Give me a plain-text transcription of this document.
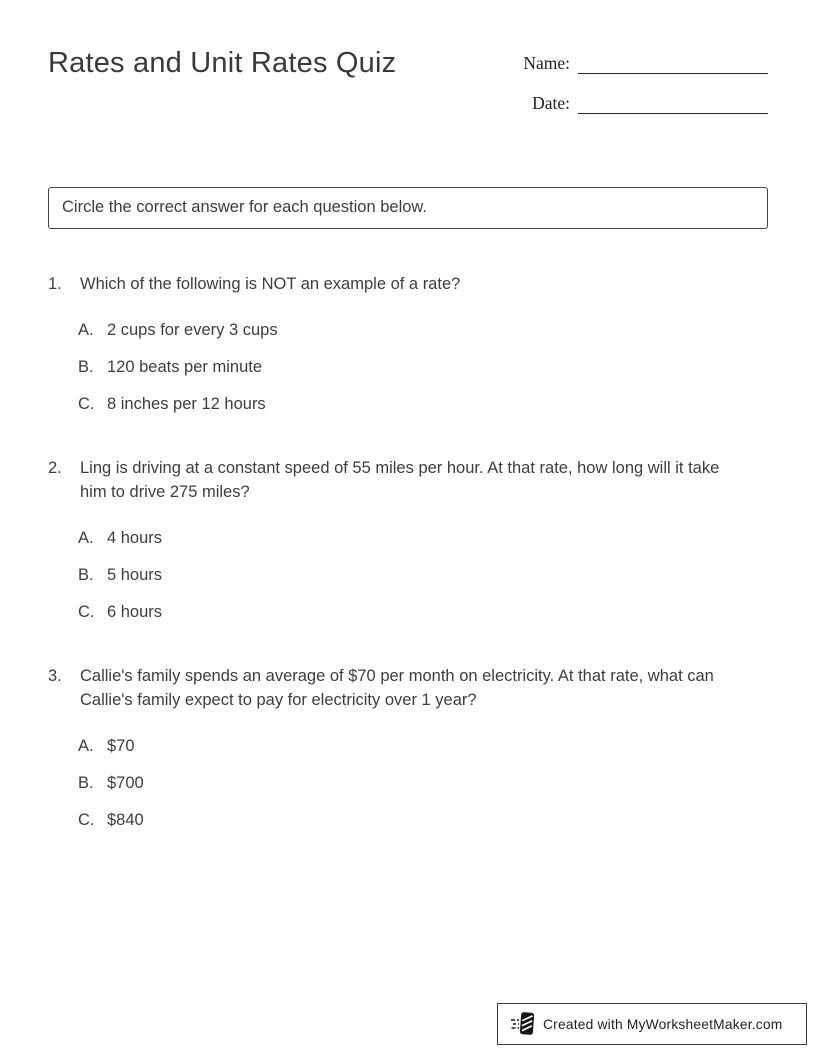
Rates and Unit Rates Quiz	Name:
Date:
Circle the correct answer for each question below.
1.	Which of the following is NOT an example of a rate?
A. 2 cups for every 3 cups
B. 120 beats per minute
C. 8 inches per 12 hours
2.	Ling is driving at a constant speed of 55 miles per hour. At that rate, how long will it take him to drive 275 miles?
A. 4 hours
B. 5 hours
C. 6 hours
3.	Callie's family spends an average of $70 per month on electricity. At that rate, what can Callie's family expect to pay for electricity over 1 year?
A. $70
B. $700
C. $840
Created with MyWorksheetMaker.com
